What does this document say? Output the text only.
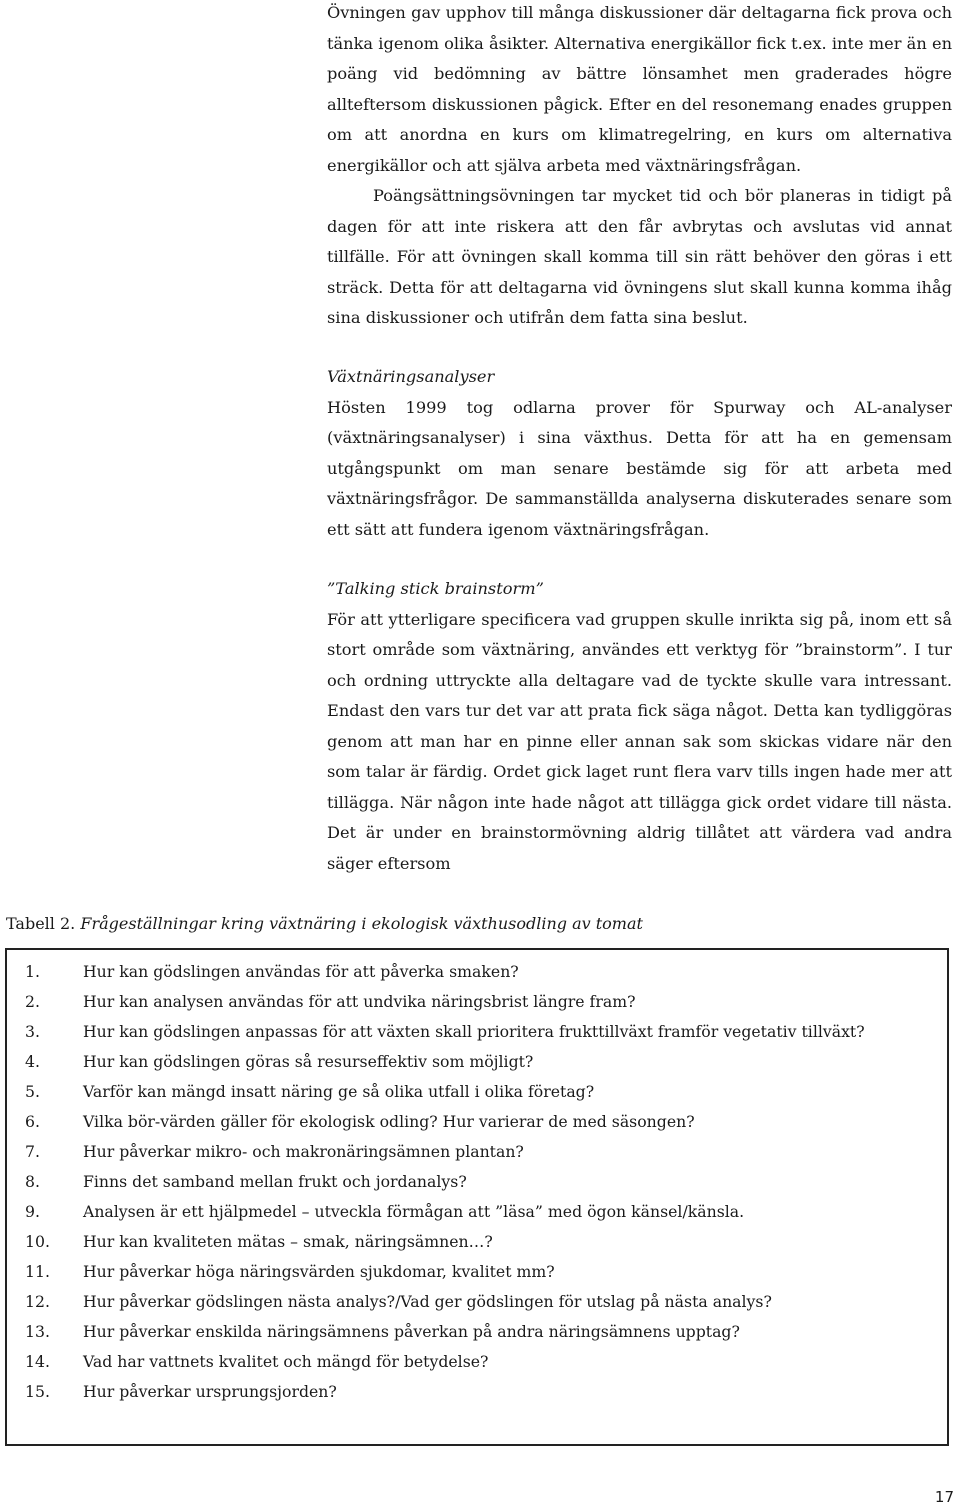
Övningen gav upphov till många diskussioner där deltagarna fick prova och tänka igenom olika åsikter. Alternativa energikällor fick t.ex. inte mer än en poäng vid bedömning av bättre lönsamhet men graderades högre allteftersom diskussionen pågick. Efter en del resonemang enades gruppen om att anordna en kurs om klimatregelring, en kurs om alternativa energikällor och att själva arbeta med växtnäringsfrågan.

Poängsättningsövningen tar mycket tid och bör planeras in tidigt på dagen för att inte riskera att den får avbrytas och avslutas vid annat tillfälle. För att övningen skall komma till sin rätt behöver den göras i ett sträck. Detta för att deltagarna vid övningens slut skall kunna komma ihåg sina diskussioner och utifrån dem fatta sina beslut.

Växtnäringsanalyser

Hösten 1999 tog odlarna prover för Spurway och AL-analyser (växtnäringsanalyser) i sina växthus. Detta för att ha en gemensam utgångspunkt om man senare bestämde sig för att arbeta med växtnäringsfrågor. De sammanställda analyserna diskuterades senare som ett sätt att fundera igenom växtnäringsfrågan.

”Talking stick brainstorm”

För att ytterligare specificera vad gruppen skulle inrikta sig på, inom ett så stort område som växtnäring, användes ett verktyg för ”brainstorm”. I tur och ordning uttryckte alla deltagare vad de tyckte skulle vara intressant. Endast den vars tur det var att prata fick säga något. Detta kan tydliggöras genom att man har en pinne eller annan sak som skickas vidare när den som talar är färdig. Ordet gick laget runt flera varv tills ingen hade mer att tillägga. När någon inte hade något att tillägga gick ordet vidare till nästa. Det är under en brainstormövning aldrig tillåtet att värdera vad andra säger eftersom

Tabell 2. Frågeställningar kring växtnäring i ekologisk växthusodling av tomat
1.	Hur kan gödslingen användas för att påverka smaken?
2.	Hur kan analysen användas för att undvika näringsbrist längre fram?
3.	Hur kan gödslingen anpassas för att växten skall prioritera frukttillväxt framför vegetativ tillväxt?
4.	Hur kan gödslingen göras så resurseffektiv som möjligt?
5.	Varför kan mängd insatt näring ge så olika utfall i olika företag?
6.	Vilka bör-värden gäller för ekologisk odling? Hur varierar de med säsongen?
7.	Hur påverkar mikro- och makronäringsämnen plantan?
8.	Finns det samband mellan frukt och jordanalys?
9.	Analysen är ett hjälpmedel – utveckla förmågan att ”läsa” med ögon känsel/känsla.
10.	Hur kan kvaliteten mätas – smak, näringsämnen…?
11.	Hur påverkar höga näringsvärden sjukdomar, kvalitet mm?
12.	Hur påverkar gödslingen nästa analys?/Vad ger gödslingen för utslag på nästa analys?
13.	Hur påverkar enskilda näringsämnens påverkan på andra näringsämnens upptag?
14.	Vad har vattnets kvalitet och mängd för betydelse?
15.	Hur påverkar ursprungsjorden?
17
